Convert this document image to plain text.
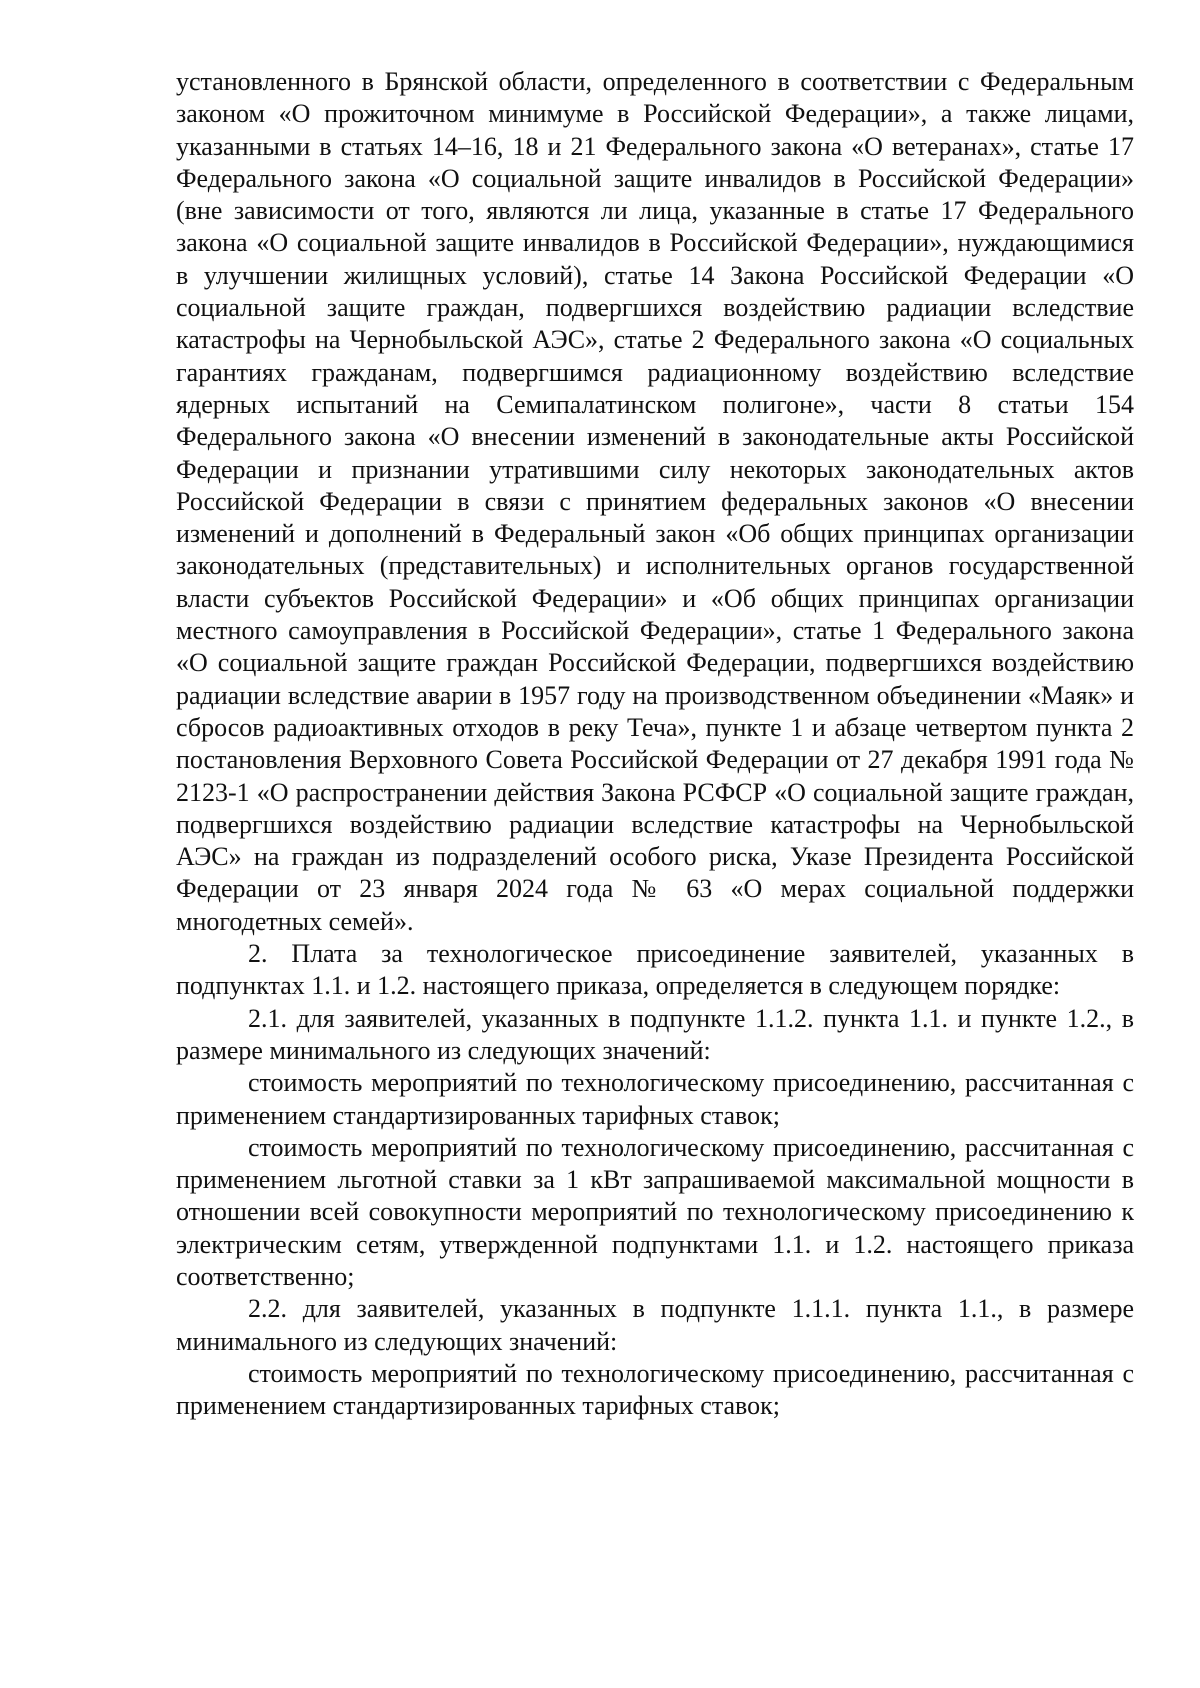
установленного в Брянской области, определенного в соответствии с Федеральным законом «О прожиточном минимуме в Российской Федерации», а также лицами, указанными в статьях 14–16, 18 и 21 Федерального закона «О ветеранах», статье 17 Федерального закона «О социальной защите инвалидов в Российской Федерации» (вне зависимости от того, являются ли лица, указанные в статье 17 Федерального закона «О социальной защите инвалидов в Российской Федерации», нуждающимися в улучшении жилищных условий), статье 14 Закона Российской Федерации «О социальной защите граждан, подвергшихся воздействию радиации вследствие катастрофы на Чернобыльской АЭС», статье 2 Федерального закона «О социальных гарантиях гражданам, подвергшимся радиационному воздействию вследствие ядерных испытаний на Семипалатинском полигоне», части 8 статьи 154 Федерального закона «О внесении изменений в законодательные акты Российской Федерации и признании утратившими силу некоторых законодательных актов Российской Федерации в связи с принятием федеральных законов «О внесении изменений и дополнений в Федеральный закон «Об общих принципах организации законодательных (представительных) и исполнительных органов государственной власти субъектов Российской Федерации» и «Об общих принципах организации местного самоуправления в Российской Федерации», статье 1 Федерального закона «О социальной защите граждан Российской Федерации, подвергшихся воздействию радиации вследствие аварии в 1957 году на производственном объединении «Маяк» и сбросов радиоактивных отходов в реку Теча», пункте 1 и абзаце четвертом пункта 2 постановления Верховного Совета Российской Федерации от 27 декабря 1991 года № 2123-1 «О распространении действия Закона РСФСР «О социальной защите граждан, подвергшихся воздействию радиации вследствие катастрофы на Чернобыльской АЭС» на граждан из подразделений особого риска, Указе Президента Российской Федерации от 23 января 2024 года № 63 «О мерах социальной поддержки многодетных семей».

2. Плата за технологическое присоединение заявителей, указанных в подпунктах 1.1. и 1.2. настоящего приказа, определяется в следующем порядке:

2.1. для заявителей, указанных в подпункте 1.1.2. пункта 1.1. и пункте 1.2., в размере минимального из следующих значений:

стоимость мероприятий по технологическому присоединению, рассчитанная с применением стандартизированных тарифных ставок;

стоимость мероприятий по технологическому присоединению, рассчитанная с применением льготной ставки за 1 кВт запрашиваемой максимальной мощности в отношении всей совокупности мероприятий по технологическому присоединению к электрическим сетям, утвержденной подпунктами 1.1. и 1.2. настоящего приказа соответственно;

2.2. для заявителей, указанных в подпункте 1.1.1. пункта 1.1., в размере минимального из следующих значений:

стоимость мероприятий по технологическому присоединению, рассчитанная с применением стандартизированных тарифных ставок;
